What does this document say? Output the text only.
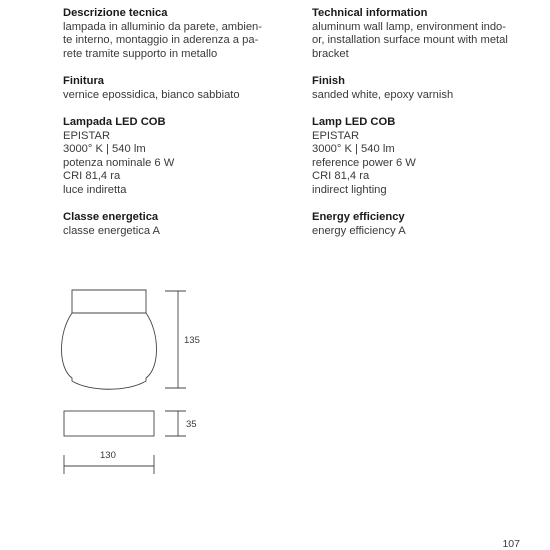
Descrizione tecnica
lampada in alluminio da parete, ambien-
te interno, montaggio in aderenza a pa-
rete tramite supporto in metallo
Finitura
vernice epossidica, bianco sabbiato
Lampada LED COB
EPISTAR
3000° K | 540 lm
potenza nominale 6 W
CRI 81,4 ra
luce indiretta
Classe energetica
classe energetica A
Technical information
aluminum wall lamp, environment indo-
or, installation surface mount with metal
bracket
Finish
sanded white, epoxy varnish
Lamp LED COB
EPISTAR
3000° K | 540 lm
reference power 6 W
CRI 81,4 ra
indirect lighting
Energy efficiency
energy efficiency A
135
35
130
107
